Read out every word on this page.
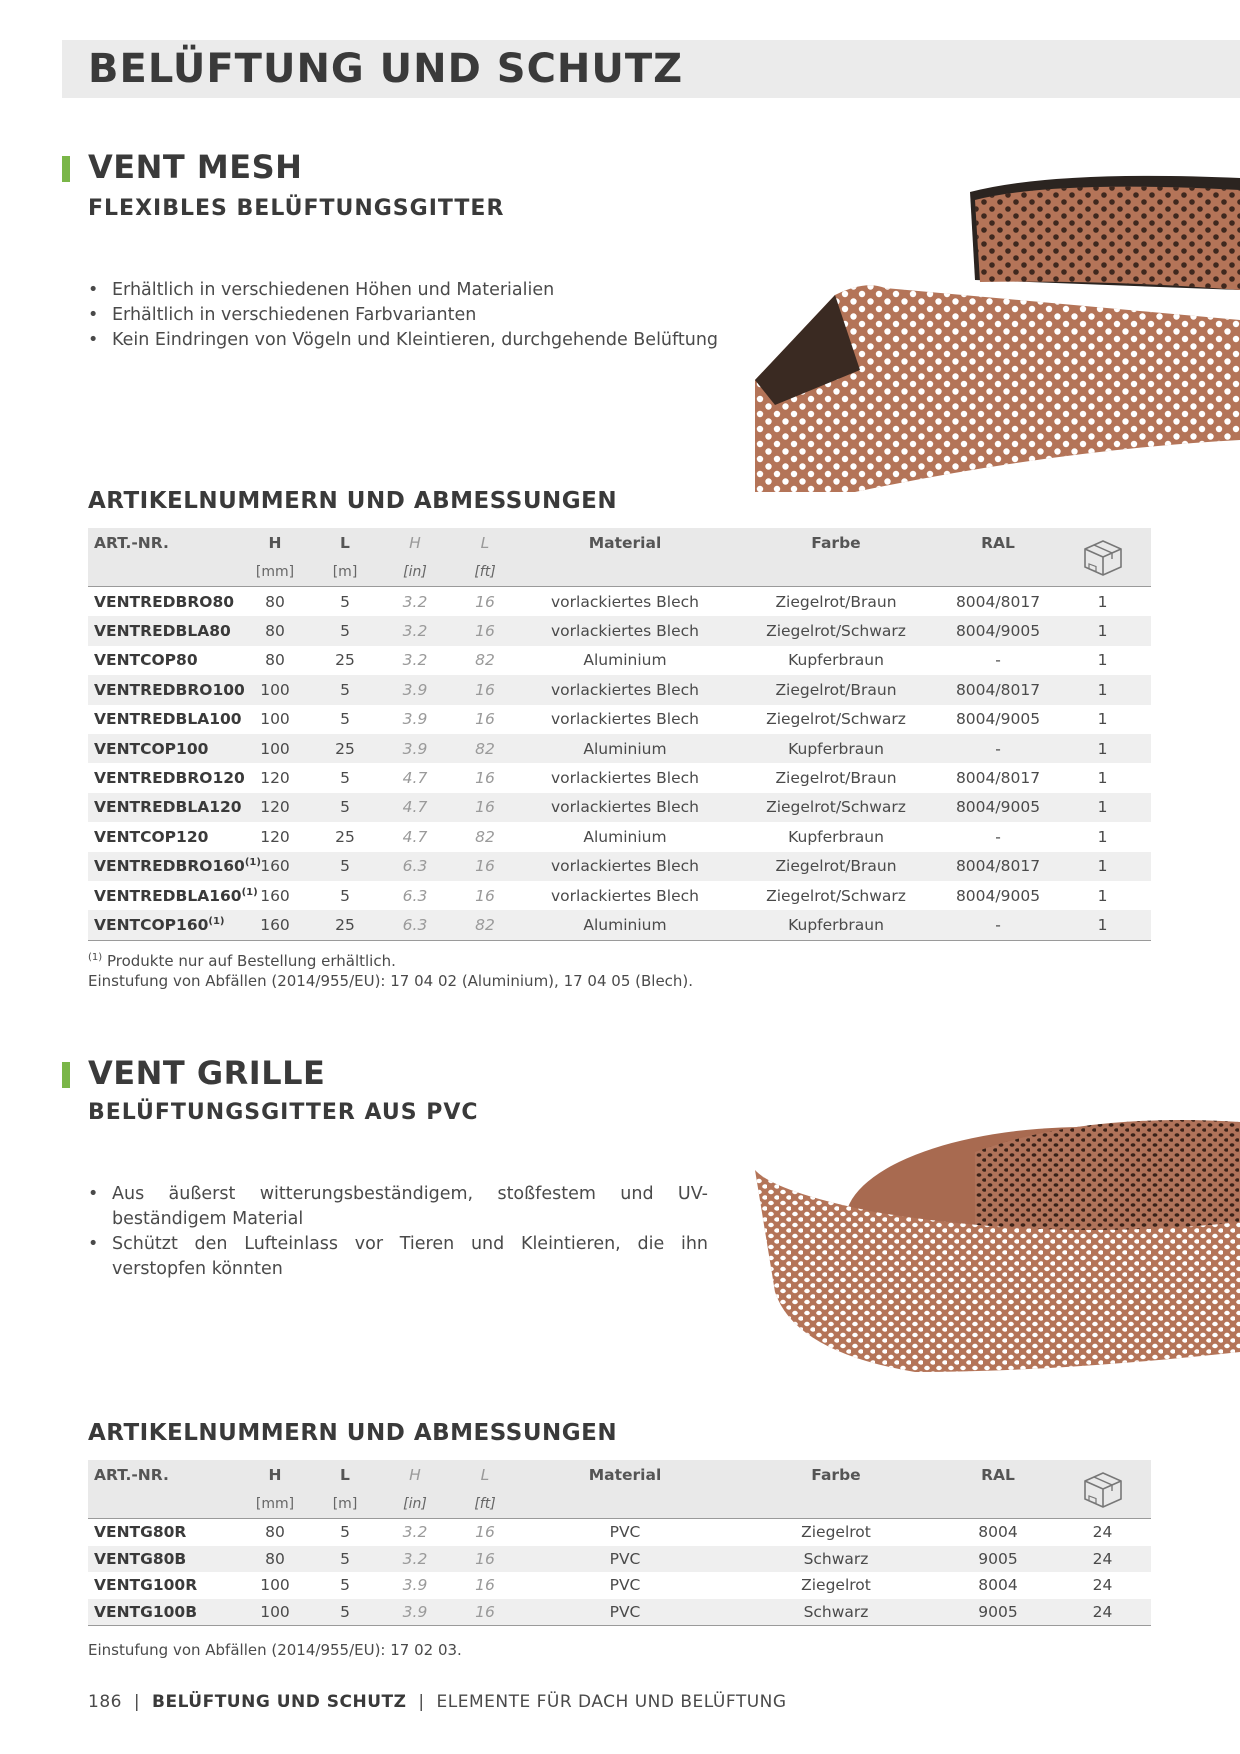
BELÜFTUNG UND SCHUTZ
VENT MESH
FLEXIBLES BELÜFTUNGSGITTER
• Erhältlich in verschiedenen Höhen und Materialien
• Erhältlich in verschiedenen Farbvarianten
• Kein Eindringen von Vögeln und Kleintieren, durchgehende Belüftung
ARTIKELNUMMERN UND ABMESSUNGEN
ART.-NR.	H	L	H	L	Material	Farbe	RAL	

	[mm]	[m]	[in]	[ft]				
VENTREDBRO80	80	5	3.2	16	vorlackiertes Blech	Ziegelrot/Braun	8004/8017	1
VENTREDBLA80	80	5	3.2	16	vorlackiertes Blech	Ziegelrot/Schwarz	8004/9005	1
VENTCOP80	80	25	3.2	82	Aluminium	Kupferbraun	-	1
VENTREDBRO100	100	5	3.9	16	vorlackiertes Blech	Ziegelrot/Braun	8004/8017	1
VENTREDBLA100	100	5	3.9	16	vorlackiertes Blech	Ziegelrot/Schwarz	8004/9005	1
VENTCOP100	100	25	3.9	82	Aluminium	Kupferbraun	-	1
VENTREDBRO120	120	5	4.7	16	vorlackiertes Blech	Ziegelrot/Braun	8004/8017	1
VENTREDBLA120	120	5	4.7	16	vorlackiertes Blech	Ziegelrot/Schwarz	8004/9005	1
VENTCOP120	120	25	4.7	82	Aluminium	Kupferbraun	-	1
VENTREDBRO160$^{(1)}$	160	5	6.3	16	vorlackiertes Blech	Ziegelrot/Braun	8004/8017	1
VENTREDBLA160$^{(1)}$	160	5	6.3	16	vorlackiertes Blech	Ziegelrot/Schwarz	8004/9005	1
VENTCOP160$^{(1)}$	160	25	6.3	82	Aluminium	Kupferbraun	-	1

$^{(1)}$ Produkte nur auf Bestellung erhältlich.
Einstufung von Abfällen (2014/955/EU): 17 04 02 (Aluminium), 17 04 05 (Blech).

VENT GRILLE
BELÜFTUNGSGITTER AUS PVC
• Aus äußerst witterungsbeständigem, stoßfestem und UV-beständigem Material
• Schützt den Lufteinlass vor Tieren und Kleintieren, die ihn verstopfen könnten
ARTIKELNUMMERN UND ABMESSUNGEN
ART.-NR.	H	L	H	L	Material	Farbe	RAL	

	[mm]	[m]	[in]	[ft]				
VENTG80R	80	5	3.2	16	PVC	Ziegelrot	8004	24
VENTG80B	80	5	3.2	16	PVC	Schwarz	9005	24
VENTG100R	100	5	3.9	16	PVC	Ziegelrot	8004	24
VENTG100B	100	5	3.9	16	PVC	Schwarz	9005	24

Einstufung von Abfällen (2014/955/EU): 17 02 03.

186 | BELÜFTUNG UND SCHUTZ | ELEMENTE FÜR DACH UND BELÜFTUNG
